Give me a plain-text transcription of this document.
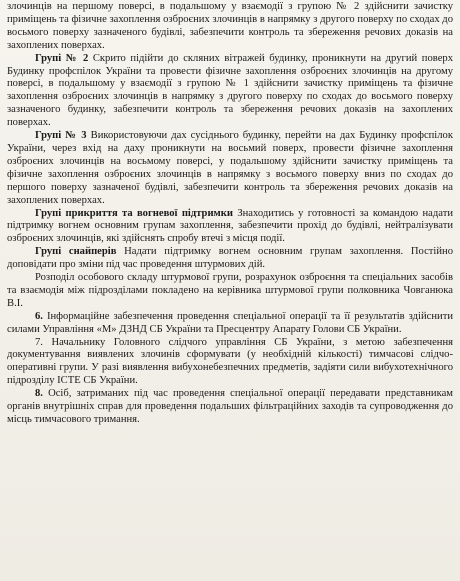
злочинців на першому поверсі, в подальшому у взаємодії з групою № 2 здійснити зачистку приміщень та фізичне захоплення озброєних злочинців в напрямку з другого поверху по сходах до восьмого поверху зазначеного будівлі, забезпечити контроль та збереження речових доказів на захоплених поверхах.

Групі № 2 Скрито підійти до скляних вітражей будинку, проникнути на другий поверх Будинку профспілок України та провести фізичне захоплення озброєних злочинців на другому поверсі, в подальшому у взаємодії з групою № 1 здійснити зачистку приміщень та фізичне захоплення озброєних злочинців в напрямку з другого поверху по сходах до восьмого поверху зазначеного будинку, забезпечити контроль та збереження речових доказів на захоплених поверхах.

Групі № 3 Використовуючи дах сусіднього будинку, перейти на дах Будинку профспілок України, через вхід на даху проникнути на восьмий поверх, провести фізичне захоплення озброєних злочинців на восьмому поверсі, у подальшому здійснити зачистку приміщень та фізичне захоплення озброєних злочинців в напрямку з восьмого поверху вниз по сходах до першого поверху зазначеної будівлі, забезпечити контроль та збереження речових доказів на захоплених поверхах.

Групі прикриття та вогневої підтримки Знаходитись у готовності за командою надати підтримку вогнем основним групам захоплення, забезпечити прохід до будівлі, нейтралізувати озброєних злочинців, які здійснять спробу втечі з місця події.

Групі снайперів Надати підтримку вогнем основним групам захоплення. Постійно доповідати про зміни під час проведення штурмових дій.

Розподіл особового складу штурмової групи, розрахунок озброєння та спеціальних засобів та взаємодія між підрозділами покладено на керівника штурмової групи полковника Човганюка В.І.

6. Інформаційне забезпечення проведення спеціальної операції та її результатів здійснити силами Управління «М» ДЗНД СБ України та Пресцентру Апарату Голови СБ України.

7. Начальнику Головного слідчого управління СБ України, з метою забезпечення документування виявлених злочинів сформувати (у необхідній кількості) тимчасові слідчо-оперативні групи. У разі виявлення вибухонебезпечних предметів, задіяти сили вибухотехнічного підрозділу ІСТЕ СБ України.

8. Осіб, затриманих під час проведення спеціальної операції передавати представникам органів внутрішніх справ для проведення подальших фільтраційних заходів та супроводження до місць тимчасового тримання.
